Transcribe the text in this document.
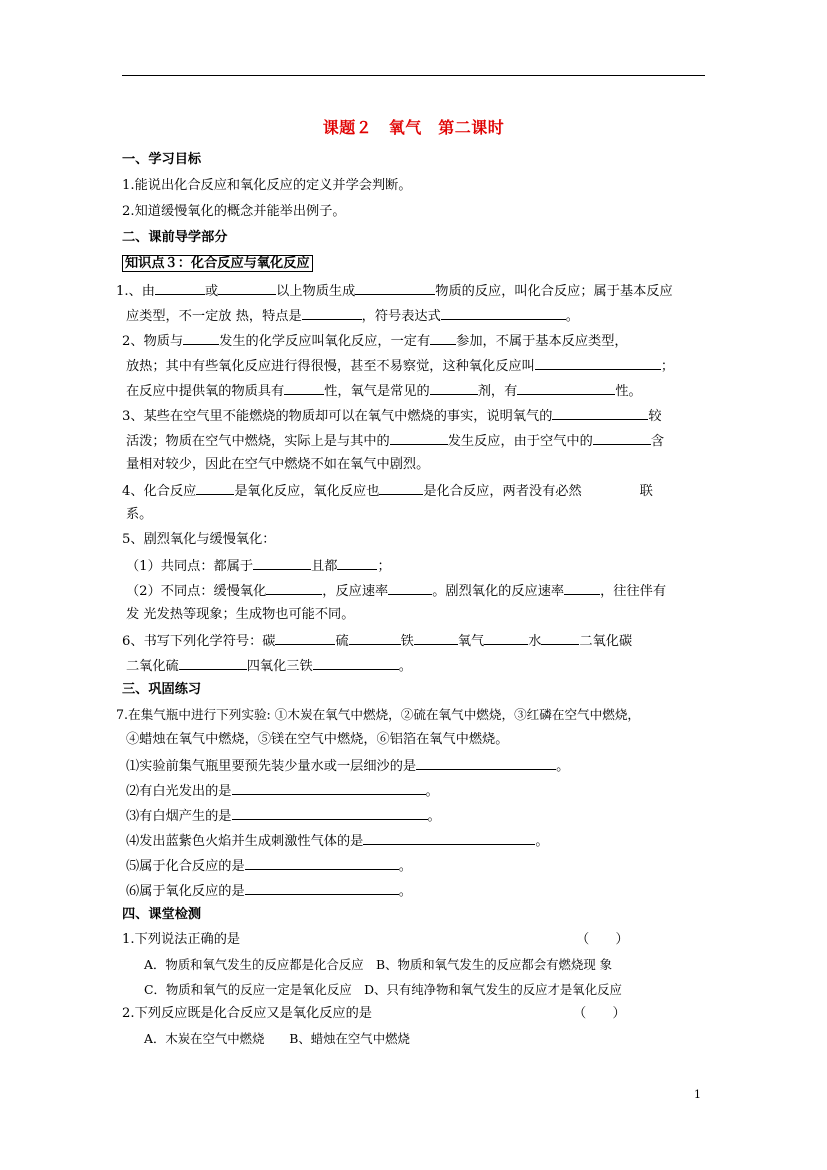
课题２　氧气　第二课时
一、学习目标
1.能说出化合反应和氧化反应的定义并学会判断。
2.知道缓慢氧化的概念并能举出例子。
二、课前导学部分
知识点３：化合反应与氧化反应
1.、由	或	以上物质生成	物质的反应，叫化合反应；属于基本反应
应类型，不一定放 热，特点是	，符号表达式	。
2、物质与	发生的化学反应叫氧化反应，一定有 参加，不属于基本反应类型，
放热；其中有些氧化反应进行得很慢，甚至不易察觉，这种氧化反应叫	；
在反应中提供氧的物质具有	性，氧气是常见的	剂，有	性。
3、某些在空气里不能燃烧的物质却可以在氧气中燃烧的事实，说明氧气的	较
活泼；物质在空气中燃烧，实际上是与其中的	发生反应，由于空气中的	含
量相对较少，因此在空气中燃烧不如在氧气中剧烈。
4、化合反应	是氧化反应，氧化反应也	是化合反应，两者没有必然	联
系。
5、剧烈氧化与缓慢氧化：
（1）共同点：都属于	且都	；
（2）不同点：缓慢氧化	，反应速率	。剧烈氧化的反应速率	，往往伴有
发 光发热等现象；生成物也可能不同。
6、书写下列化学符号：碳	硫	铁	氧气	水	二氧化碳
二氧化硫	四氧化三铁	。
三、巩固练习
7.在集气瓶中进行下列实验: ①木炭在氧气中燃烧，②硫在氧气中燃烧，③红磷在空气中燃烧，
④蜡烛在氧气中燃烧，⑤镁在空气中燃烧，⑥铝箔在氧气中燃烧。
⑴实验前集气瓶里要预先装少量水或一层细沙的是	。
⑵有白光发出的是	。
⑶有白烟产生的是	。
⑷发出蓝紫色火焰并生成刺激性气体的是	。
⑸属于化合反应的是	。
⑹属于氧化反应的是	。
四、课堂检测
1.下列说法正确的是	（　　）
A．物质和氧气发生的反应都是化合反应　B、物质和氧气发生的反应都会有燃烧现 象
C．物质和氧气的反应一定是氧化反应　D、只有纯净物和氧气发生的反应才是氧化反应
2.下列反应既是化合反应又是氧化反应的是	（　　）
A．木炭在空气中燃烧　　B、蜡烛在空气中燃烧
1
